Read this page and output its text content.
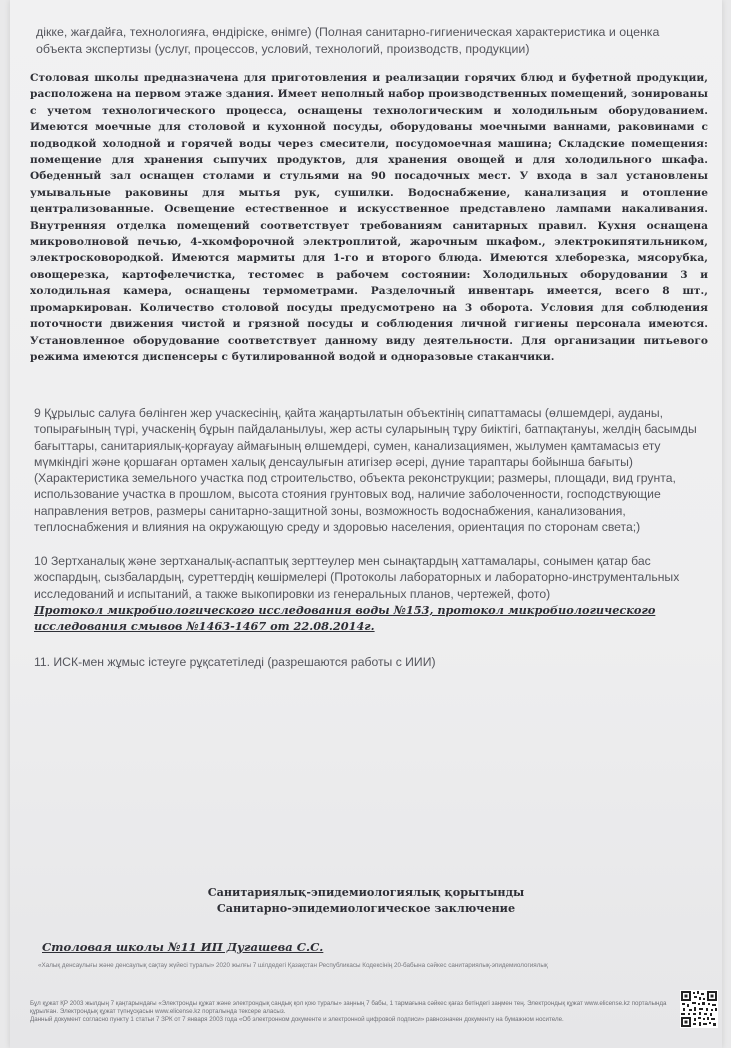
дікке, жағдайға, технологияға, өндіріске, өнімге) (Полная санитарно-гигиеническая характеристика и оценка объекта экспертизы (услуг, процессов, условий, технологий, производств, продукции)
Столовая школы предназначена для приготовления и реализации горячих блюд и буфетной продукции, расположена на первом этаже здания. Имеет неполный набор производственных помещений, зонированы с учетом технологического процесса, оснащены технологическим и холодильным оборудованием. Имеются моечные для столовой и кухонной посуды, оборудованы моечными ваннами, раковинами с подводкой холодной и горячей воды через смесители, посудомоечная машина; Складские помещения: помещение для хранения сыпучих продуктов, для хранения овощей и для холодильного шкафа. Обеденный зал оснащен столами и стульями на 90 посадочных мест. У входа в зал установлены умывальные раковины для мытья рук, сушилки. Водоснабжение, канализация и отопление централизованные. Освещение естественное и искусственное представлено лампами накаливания. Внутренняя отделка помещений соответствует требованиям санитарных правил. Кухня оснащена микроволновой печью, 4-хкомфорочной электроплитой, жарочным шкафом., электрокипятильником, электросковородкой. Имеются мармиты для 1-го и второго блюда. Имеются хлеборезка, мясорубка, овощерезка, картофелечистка, тестомес в рабочем состоянии: Холодильных оборудовании 3 и холодильная камера, оснащены термометрами. Разделочный инвентарь имеется, всего 8 шт., промаркирован. Количество столовой посуды предусмотрено на 3 оборота. Условия для соблюдения поточности движения чистой и грязной посуды и соблюдения личной гигиены персонала имеются. Установленное оборудование соответствует данному виду деятельности. Для организации питьевого режима имеются диспенсеры с бутилированной водой и одноразовые стаканчики.
9 Құрылыс салуға бөлінген жер учаскесінің, қайта жаңартылатын объектінің сипаттамасы (өлшемдері, ауданы, топырағының түрі, учаскенің бұрын пайдаланылуы, жер асты суларының тұру биіктігі, батпақтануы, желдің басымды бағыттары, санитариялық-қорғауау аймағының өлшемдері, сумен, канализациямен, жылумен қамтамасыз ету мүмкіндігі және қоршаған ортамен халық денсаулығын атигізер әсері, дүние тараптары бойынша бағыты) (Характеристика земельного участка под строительство, объекта реконструкции; размеры, площади, вид грунта, использование участка в прошлом, высота стояния грунтовых вод, наличие заболоченности, господствующие направления ветров, размеры санитарно-защитной зоны, возможность водоснабжения, канализования, теплоснабжения и влияния на окружающую среду и здоровью населения, ориентация по сторонам света;)
10 Зертханалық және зертханалық-аспаптық зерттеулер мен сынақтардың хаттамалары, сонымен қатар бас жоспардың, сызбалардың, суреттердің көшірмелері (Протоколы лабораторных и лабораторно-инструментальных исследований и испытаний, а также выкопировки из генеральных планов, чертежей, фото)
Протокол микробиологического исследования воды №153, протокол микробиологического исследования смывов №1463-1467 от 22.08.2014г.
11. ИСК-мен жұмыс істеуге рұқсатетіледі (разрешаются работы с ИИИ)
Санитариялық-эпидемиологиялық қорытынды
Санитарно-эпидемиологическое заключение
Столовая школы №11 ИП Дугашева С.С.
«Халық денсаулығы және денсаулық сақтау жүйесі туралы» 2020 жылғы 7 шілдедегі Қазақстан Республикасы Кодексінің 20-бабына сәйкес санитариялық-эпидемиологиялық
Бұл құжат ҚР 2003 жылдың 7 қаңтарындағы «Электронды құжат және электрондық сандық қол қою туралы» заңның 7 бабы, 1 тармағына сәйкес қағаз бетіндегі заңмен тең. Электрондық құжат www.elicense.kz порталында құрылған. Электрондық құжат түпнұсқасын www.elicense.kz порталында тексере аласыз.
Данный документ согласно пункту 1 статьи 7 ЗРК от 7 января 2003 года «Об электронном документе и электронной цифровой подписи» равнозначен документу на бумажном носителе.
